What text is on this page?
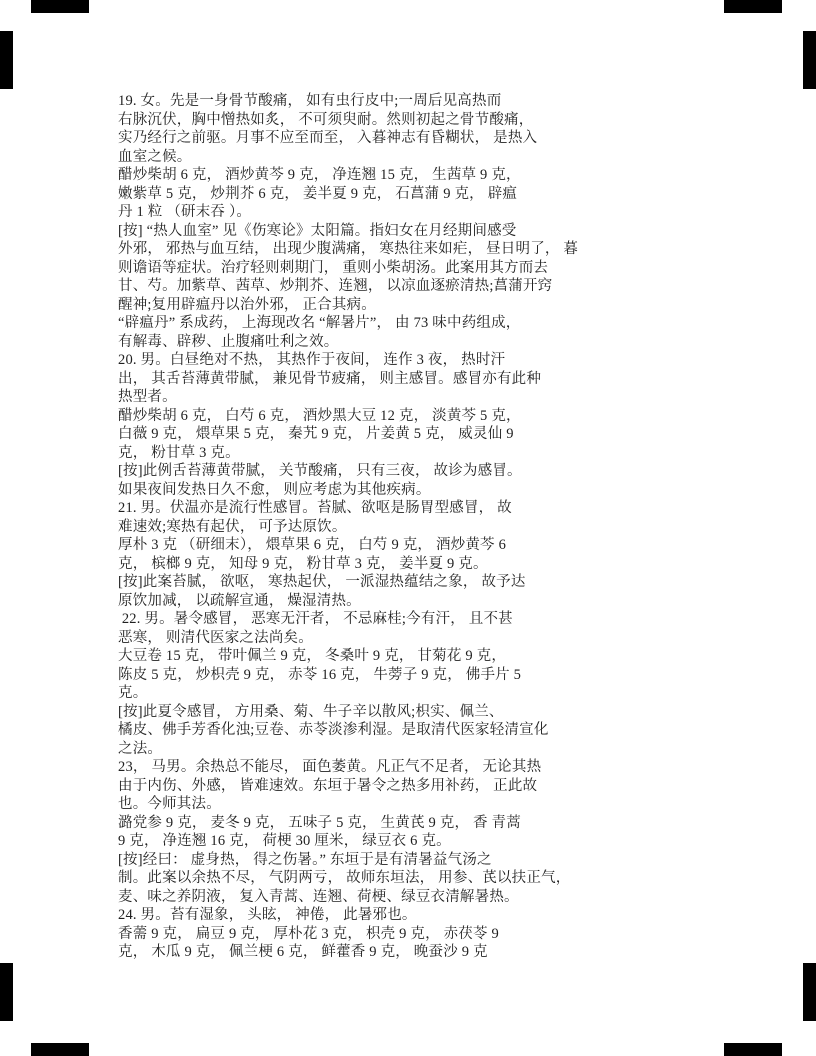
19. 女。先是一身骨节酸痛， 如有虫行皮中;一周后见高热而
右脉沉伏，胸中憎热如炙， 不可须臾耐。然则初起之骨节酸痛，
实乃经行之前驱。月事不应至而至， 入暮神志有昏糊状， 是热入
血室之候。
醋炒柴胡 6 克， 酒炒黄芩 9 克， 净连翘 15 克， 生茜草 9 克，
嫩紫草 5 克， 炒荆芥 6 克， 姜半夏 9 克， 石菖蒲 9 克， 辟瘟
丹 1 粒 （研末吞 ）。
[按] “热人血室” 见《伤寒论》太阳篇。指妇女在月经期间感受
外邪， 邪热与血互结， 出现少腹满痛， 寒热往来如疟， 昼日明了， 暮
则谵语等症状。治疗轻则刺期门， 重则小柴胡汤。此案用其方而去
甘、芍。加紫草、茜草、炒荆芥、连翘， 以凉血逐瘀清热;菖蒲开窍
醒神;复用辟瘟丹以治外邪， 正合其病。
“辟瘟丹” 系成药， 上海现改名 “解暑片”， 由 73 味中药组成，
有解毒、辟秽、止腹痛吐利之效。
20. 男。白昼绝对不热， 其热作于夜间， 连作 3 夜， 热时汗
出， 其舌苔薄黄带腻， 兼见骨节疲痛， 则主感冒。感冒亦有此种
热型者。
醋炒柴胡 6 克， 白芍 6 克， 酒炒黑大豆 12 克， 淡黄芩 5 克，
白薇 9 克， 煨草果 5 克， 秦艽 9 克， 片姜黄 5 克， 威灵仙 9
克， 粉甘草 3 克。
[按]此例舌苔薄黄带腻， 关节酸痛， 只有三夜， 故诊为感冒。
如果夜间发热日久不愈， 则应考虑为其他疾病。
21. 男。伏温亦是流行性感冒。苔腻、欲呕是肠胃型感冒， 故
难速效;寒热有起伏， 可予达原饮。
厚朴 3 克 （研细末）， 煨草果 6 克， 白芍 9 克， 酒炒黄芩 6
克， 槟榔 9 克， 知母 9 克， 粉甘草 3 克， 姜半夏 9 克。
[按]此案苔腻， 欲呕， 寒热起伏， 一派湿热蕴结之象， 故予达
原饮加减， 以疏解宣通， 燥湿清热。
22. 男。暑令感冒， 恶寒无汗者， 不忌麻桂;今有汗， 且不甚
恶寒， 则清代医家之法尚矣。
大豆卷 15 克， 带叶佩兰 9 克， 冬桑叶 9 克， 甘菊花 9 克，
陈皮 5 克， 炒枳壳 9 克， 赤苓 16 克， 牛蒡子 9 克， 佛手片 5
克。
[按]此夏令感冒， 方用桑、菊、牛子辛以散风;枳实、佩兰、
橘皮、佛手芳香化浊;豆卷、赤苓淡渗利湿。是取清代医家轻清宣化
之法。
23， 马男。余热总不能尽， 面色萎黄。凡正气不足者， 无论其热
由于内伤、外感， 皆难速效。东垣于暑令之热多用补药， 正此故
也。今师其法。
潞党参 9 克， 麦冬 9 克， 五味子 5 克， 生黄芪 9 克， 香 青蒿
9 克， 净连翘 16 克， 荷梗 30 厘米， 绿豆衣 6 克。
[按]经曰： 虚身热， 得之伤暑。” 东垣于是有清暑益气汤之
制。此案以余热不尽， 气阴两亏， 故师东垣法， 用参、芪以扶正气，
麦、味之养阴液， 复入青蒿、连翘、荷梗、绿豆衣清解暑热。
24. 男。苔有湿象， 头眩， 神倦， 此暑邪也。
香薷 9 克， 扁豆 9 克， 厚朴花 3 克， 枳壳 9 克， 赤茯苓 9
克， 木瓜 9 克， 佩兰梗 6 克， 鲜藿香 9 克， 晚蚕沙 9 克
